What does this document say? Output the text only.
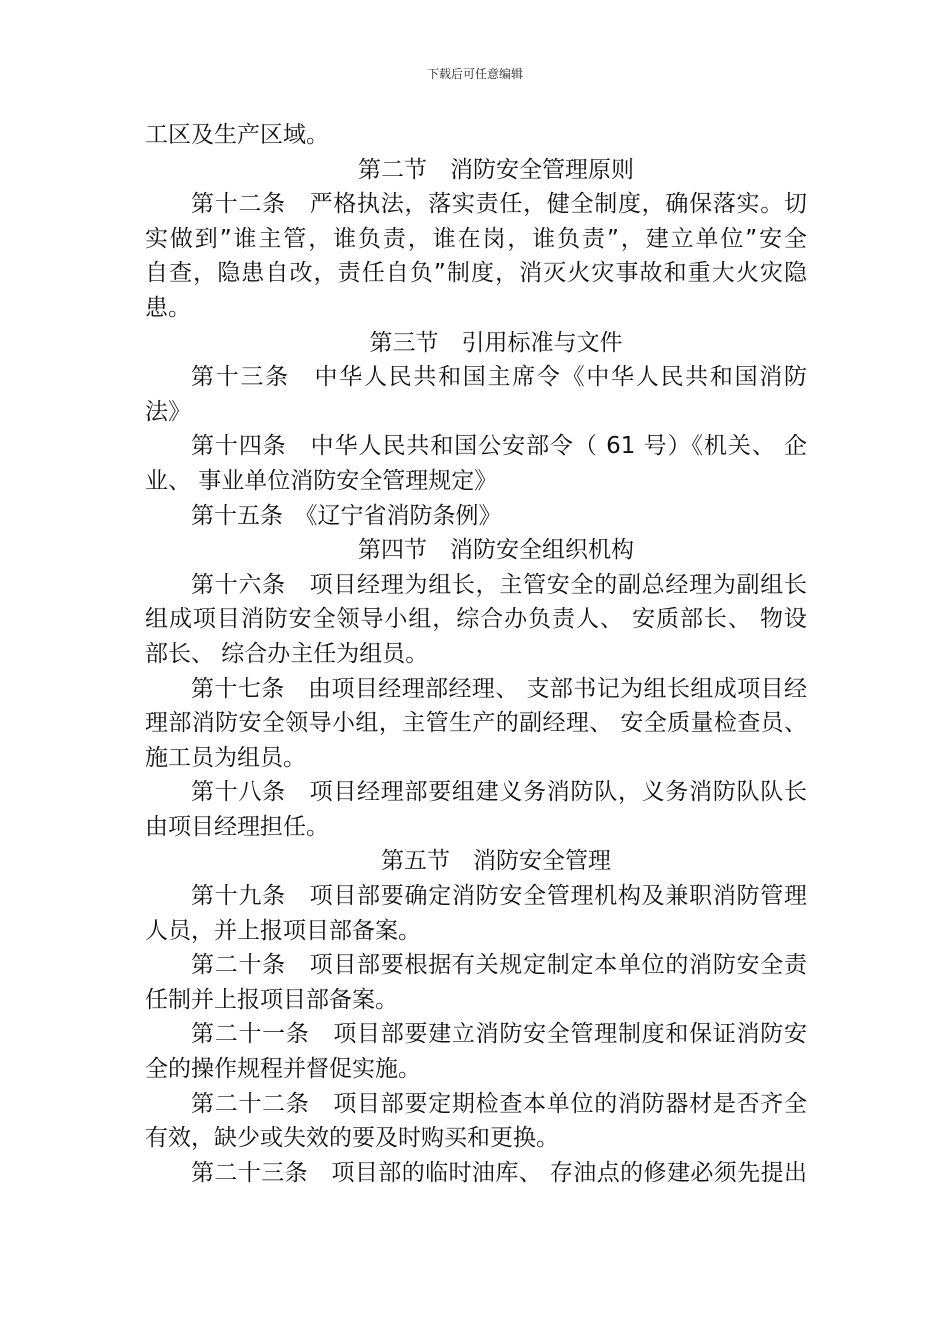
下载后可任意编辑
工区及生产区域。
第二节　消防安全管理原则
第十二条　严格执法，落实责任，健全制度，确保落实。切
实做到”谁主管，谁负责，谁在岗，谁负责”，建立单位”安全
自查，隐患自改，责任自负”制度，消灭火灾事故和重大火灾隐
患。
第三节　引用标准与文件
第十三条　中华人民共和国主席令《中华人民共和国消防
法》
第十四条　中华人民共和国公安部令（ 61 号）《机关、 企
业、 事业单位消防安全管理规定》
第十五条　《辽宁省消防条例》
第四节　消防安全组织机构
第十六条　项目经理为组长，主管安全的副总经理为副组长
组成项目消防安全领导小组，综合办负责人、 安质部长、 物设
部长、 综合办主任为组员。
第十七条　由项目经理部经理、 支部书记为组长组成项目经
理部消防安全领导小组，主管生产的副经理、 安全质量检查员、
施工员为组员。
第十八条　项目经理部要组建义务消防队，义务消防队队长
由项目经理担任。
第五节　消防安全管理
第十九条　项目部要确定消防安全管理机构及兼职消防管理
人员，并上报项目部备案。
第二十条　项目部要根据有关规定制定本单位的消防安全责
任制并上报项目部备案。
第二十一条　项目部要建立消防安全管理制度和保证消防安
全的操作规程并督促实施。
第二十二条　项目部要定期检查本单位的消防器材是否齐全
有效，缺少或失效的要及时购买和更换。
第二十三条　项目部的临时油库、 存油点的修建必须先提出
